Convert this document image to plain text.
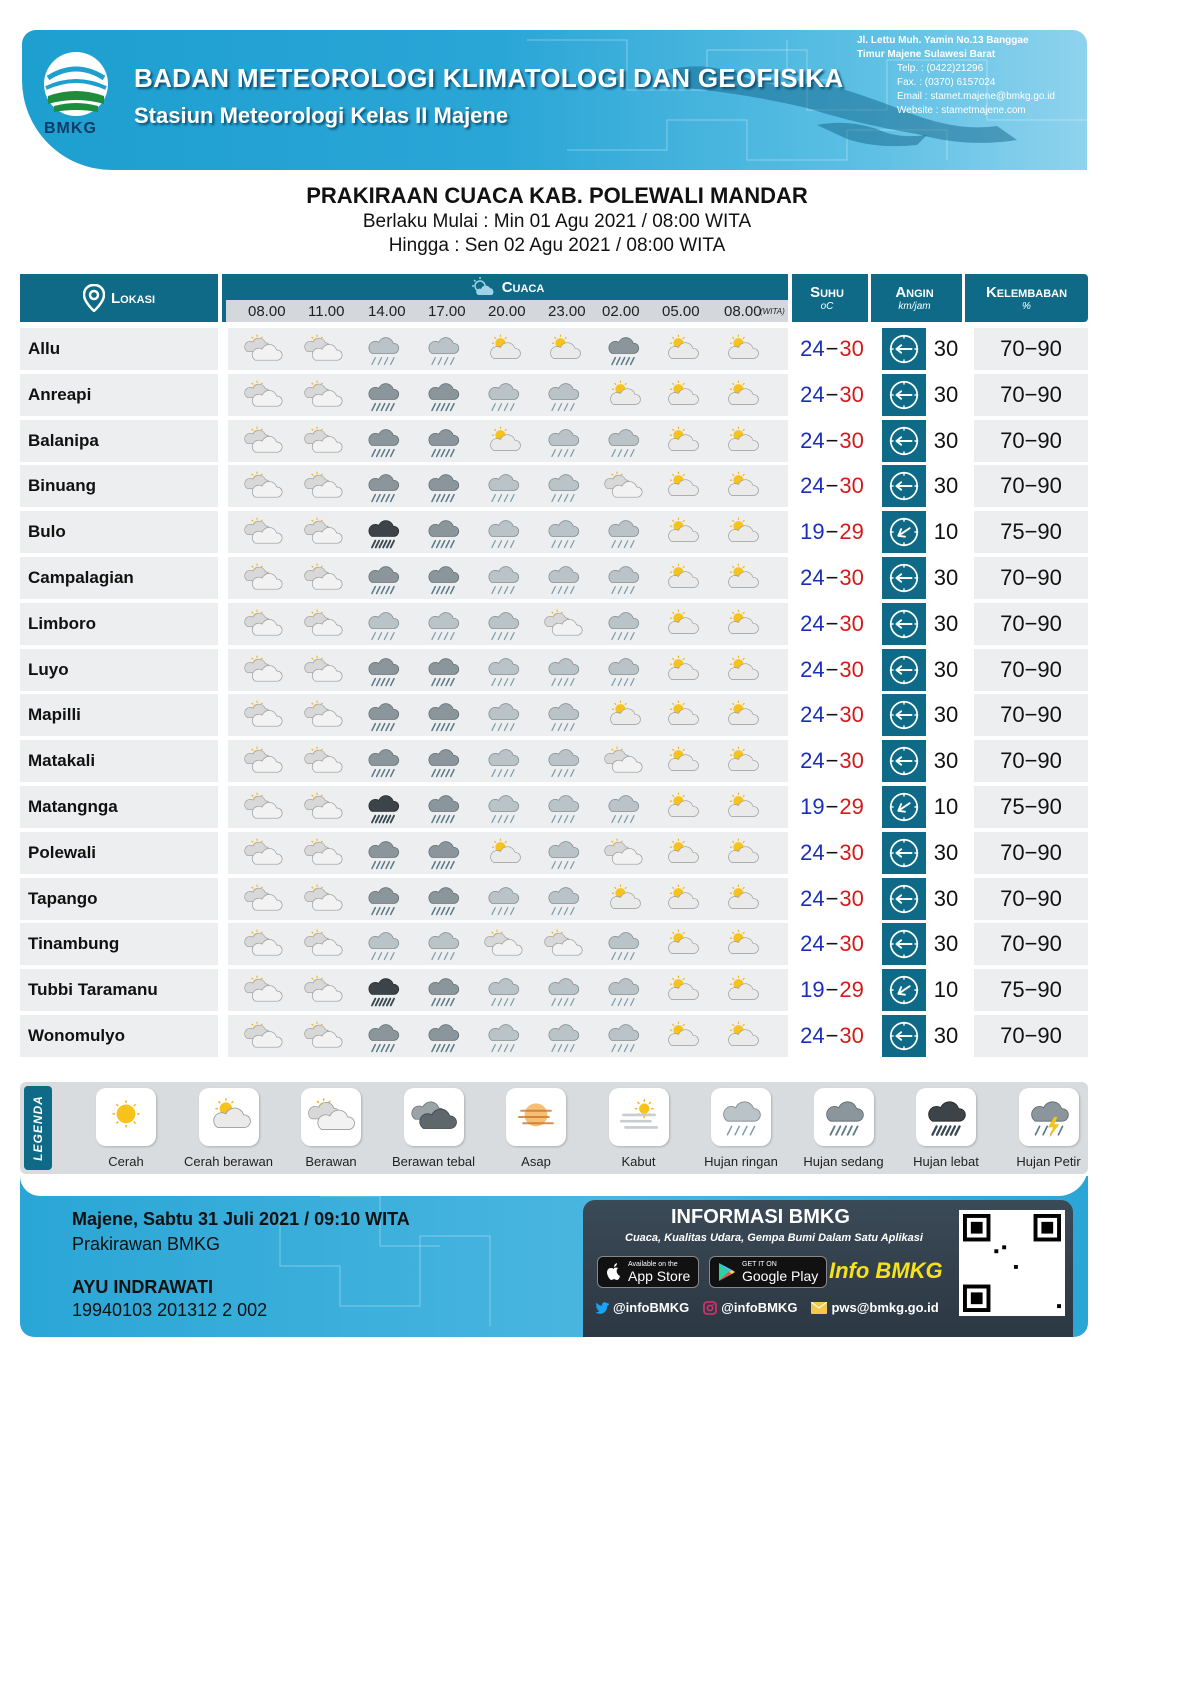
BMKG
BADAN METEOROLOGI KLIMATOLOGI DAN GEOFISIKA
Stasiun Meteorologi Kelas II Majene
Jl. Lettu Muh. Yamin No.13 Banggae
Timur Majene Sulawesi Barat
Telp. : (0422)21296
Fax. : (0370) 6157024
Email : stamet.majene@bmkg.go.id
Website : stametmajene.com
PRAKIRAAN CUACA KAB. POLEWALI MANDAR
Berlaku Mulai : Min 01 Agu 2021 / 08:00 WITA
Hingga : Sen 02 Agu 2021 / 08:00 WITA
Lokasi
Cuaca
08.00 11.00 14.00 17.00 20.00 23.00 02.00 05.00 08.00
(WITA)
Suhu
oC
Angin
km/jam
Kelembaban
%
Allu	24 − 30	30	70−90
Anreapi	24 − 30	30	70−90
Balanipa	24 − 30	30	70−90
Binuang	24 − 30	30	70−90
Bulo	19 − 29	10	75−90
Campalagian	24 − 30	30	70−90
Limboro	24 − 30	30	70−90
Luyo	24 − 30	30	70−90
Mapilli	24 − 30	30	70−90
Matakali	24 − 30	30	70−90
Matangnga	19 − 29	10	75−90
Polewali	24 − 30	30	70−90
Tapango	24 − 30	30	70−90
Tinambung	24 − 30	30	70−90
Tubbi Taramanu	19 − 29	10	75−90
Wonomulyo	24 − 30	30	70−90
LEGENDA
Cerah	Cerah berawan	Berawan	Berawan tebal	Asap	Kabut	Hujan ringan	Hujan sedang	Hujan lebat	Hujan Petir
Majene, Sabtu 31 Juli 2021 / 09:10 WITA
Prakirawan BMKG
AYU INDRAWATI
19940103 201312 2 002
INFORMASI BMKG
Cuaca, Kualitas Udara, Gempa Bumi Dalam Satu Aplikasi
Available on the
App Store
GET IT ON
Google Play Info BMKG
@infoBMKG @infoBMKG	pws@bmkg.go.id
